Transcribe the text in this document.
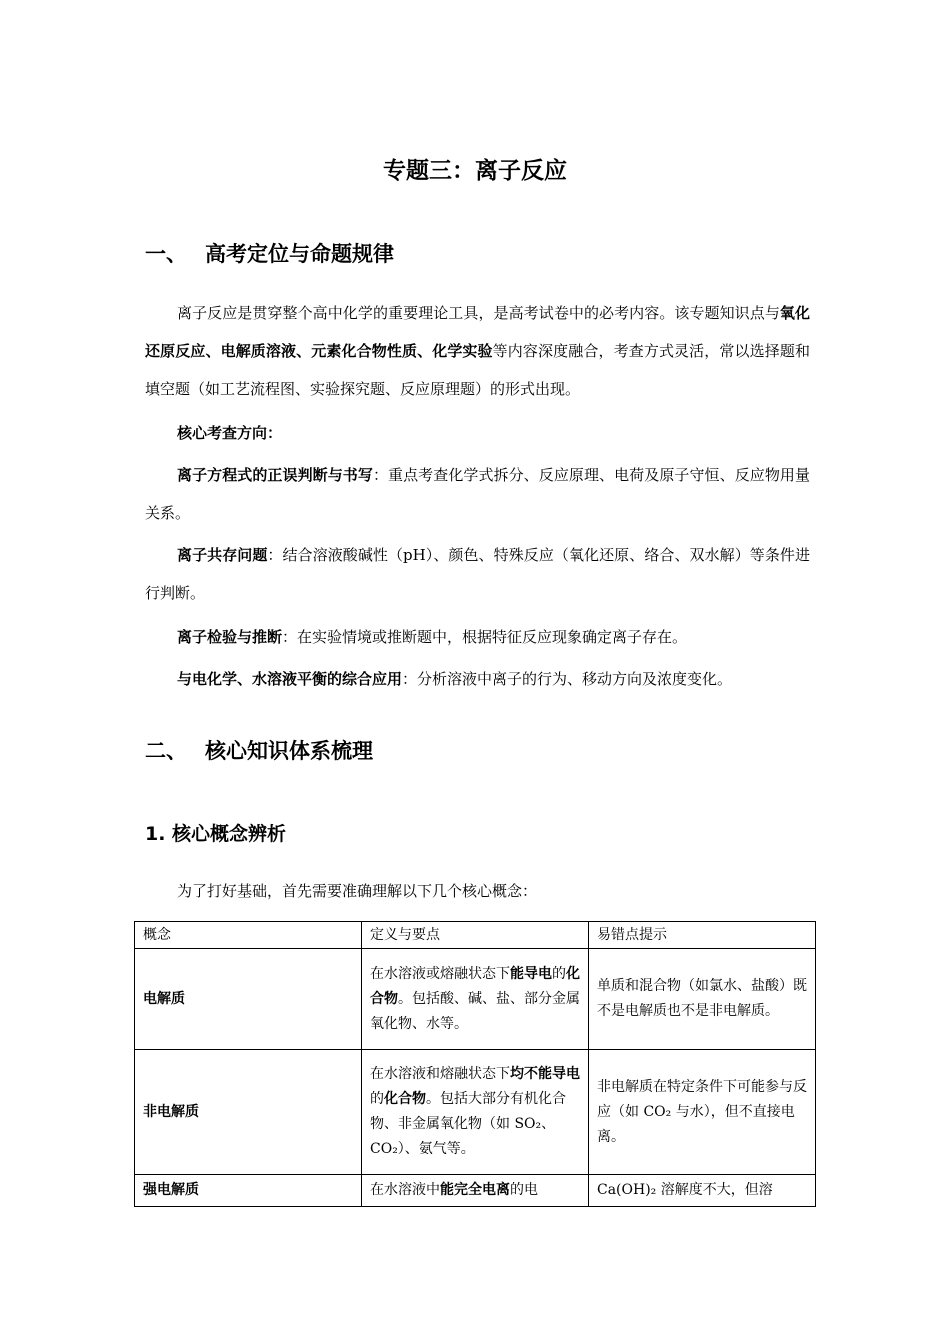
专题三：离子反应
一、 高考定位与命题规律
离子反应是贯穿整个高中化学的重要理论工具，是高考试卷中的必考内容。该专题知识点与氧化还原反应、电解质溶液、元素化合物性质、化学实验等内容深度融合，考查方式灵活，常以选择题和填空题（如工艺流程图、实验探究题、反应原理题）的形式出现。
核心考查方向：
离子方程式的正误判断与书写：重点考查化学式拆分、反应原理、电荷及原子守恒、反应物用量关系。
离子共存问题：结合溶液酸碱性（pH）、颜色、特殊反应（氧化还原、络合、双水解）等条件进行判断。
离子检验与推断：在实验情境或推断题中，根据特征反应现象确定离子存在。
与电化学、水溶液平衡的综合应用：分析溶液中离子的行为、移动方向及浓度变化。
二、 核心知识体系梳理
1. 核心概念辨析
为了打好基础，首先需要准确理解以下几个核心概念：
概念	定义与要点	易错点提示
电解质	在水溶液或熔融状态下能导电的化合物。包括酸、碱、盐、部分金属氧化物、水等。	单质和混合物（如氯水、盐酸）既不是电解质也不是非电解质。
非电解质	在水溶液和熔融状态下均不能导电的化合物。包括大部分有机化合物、非金属氧化物（如 SO₂、CO₂）、氨气等。	非电解质在特定条件下可能参与反应（如 CO₂ 与水），但不直接电离。
强电解质	在水溶液中能完全电离的电	Ca(OH)₂ 溶解度不大，但溶
